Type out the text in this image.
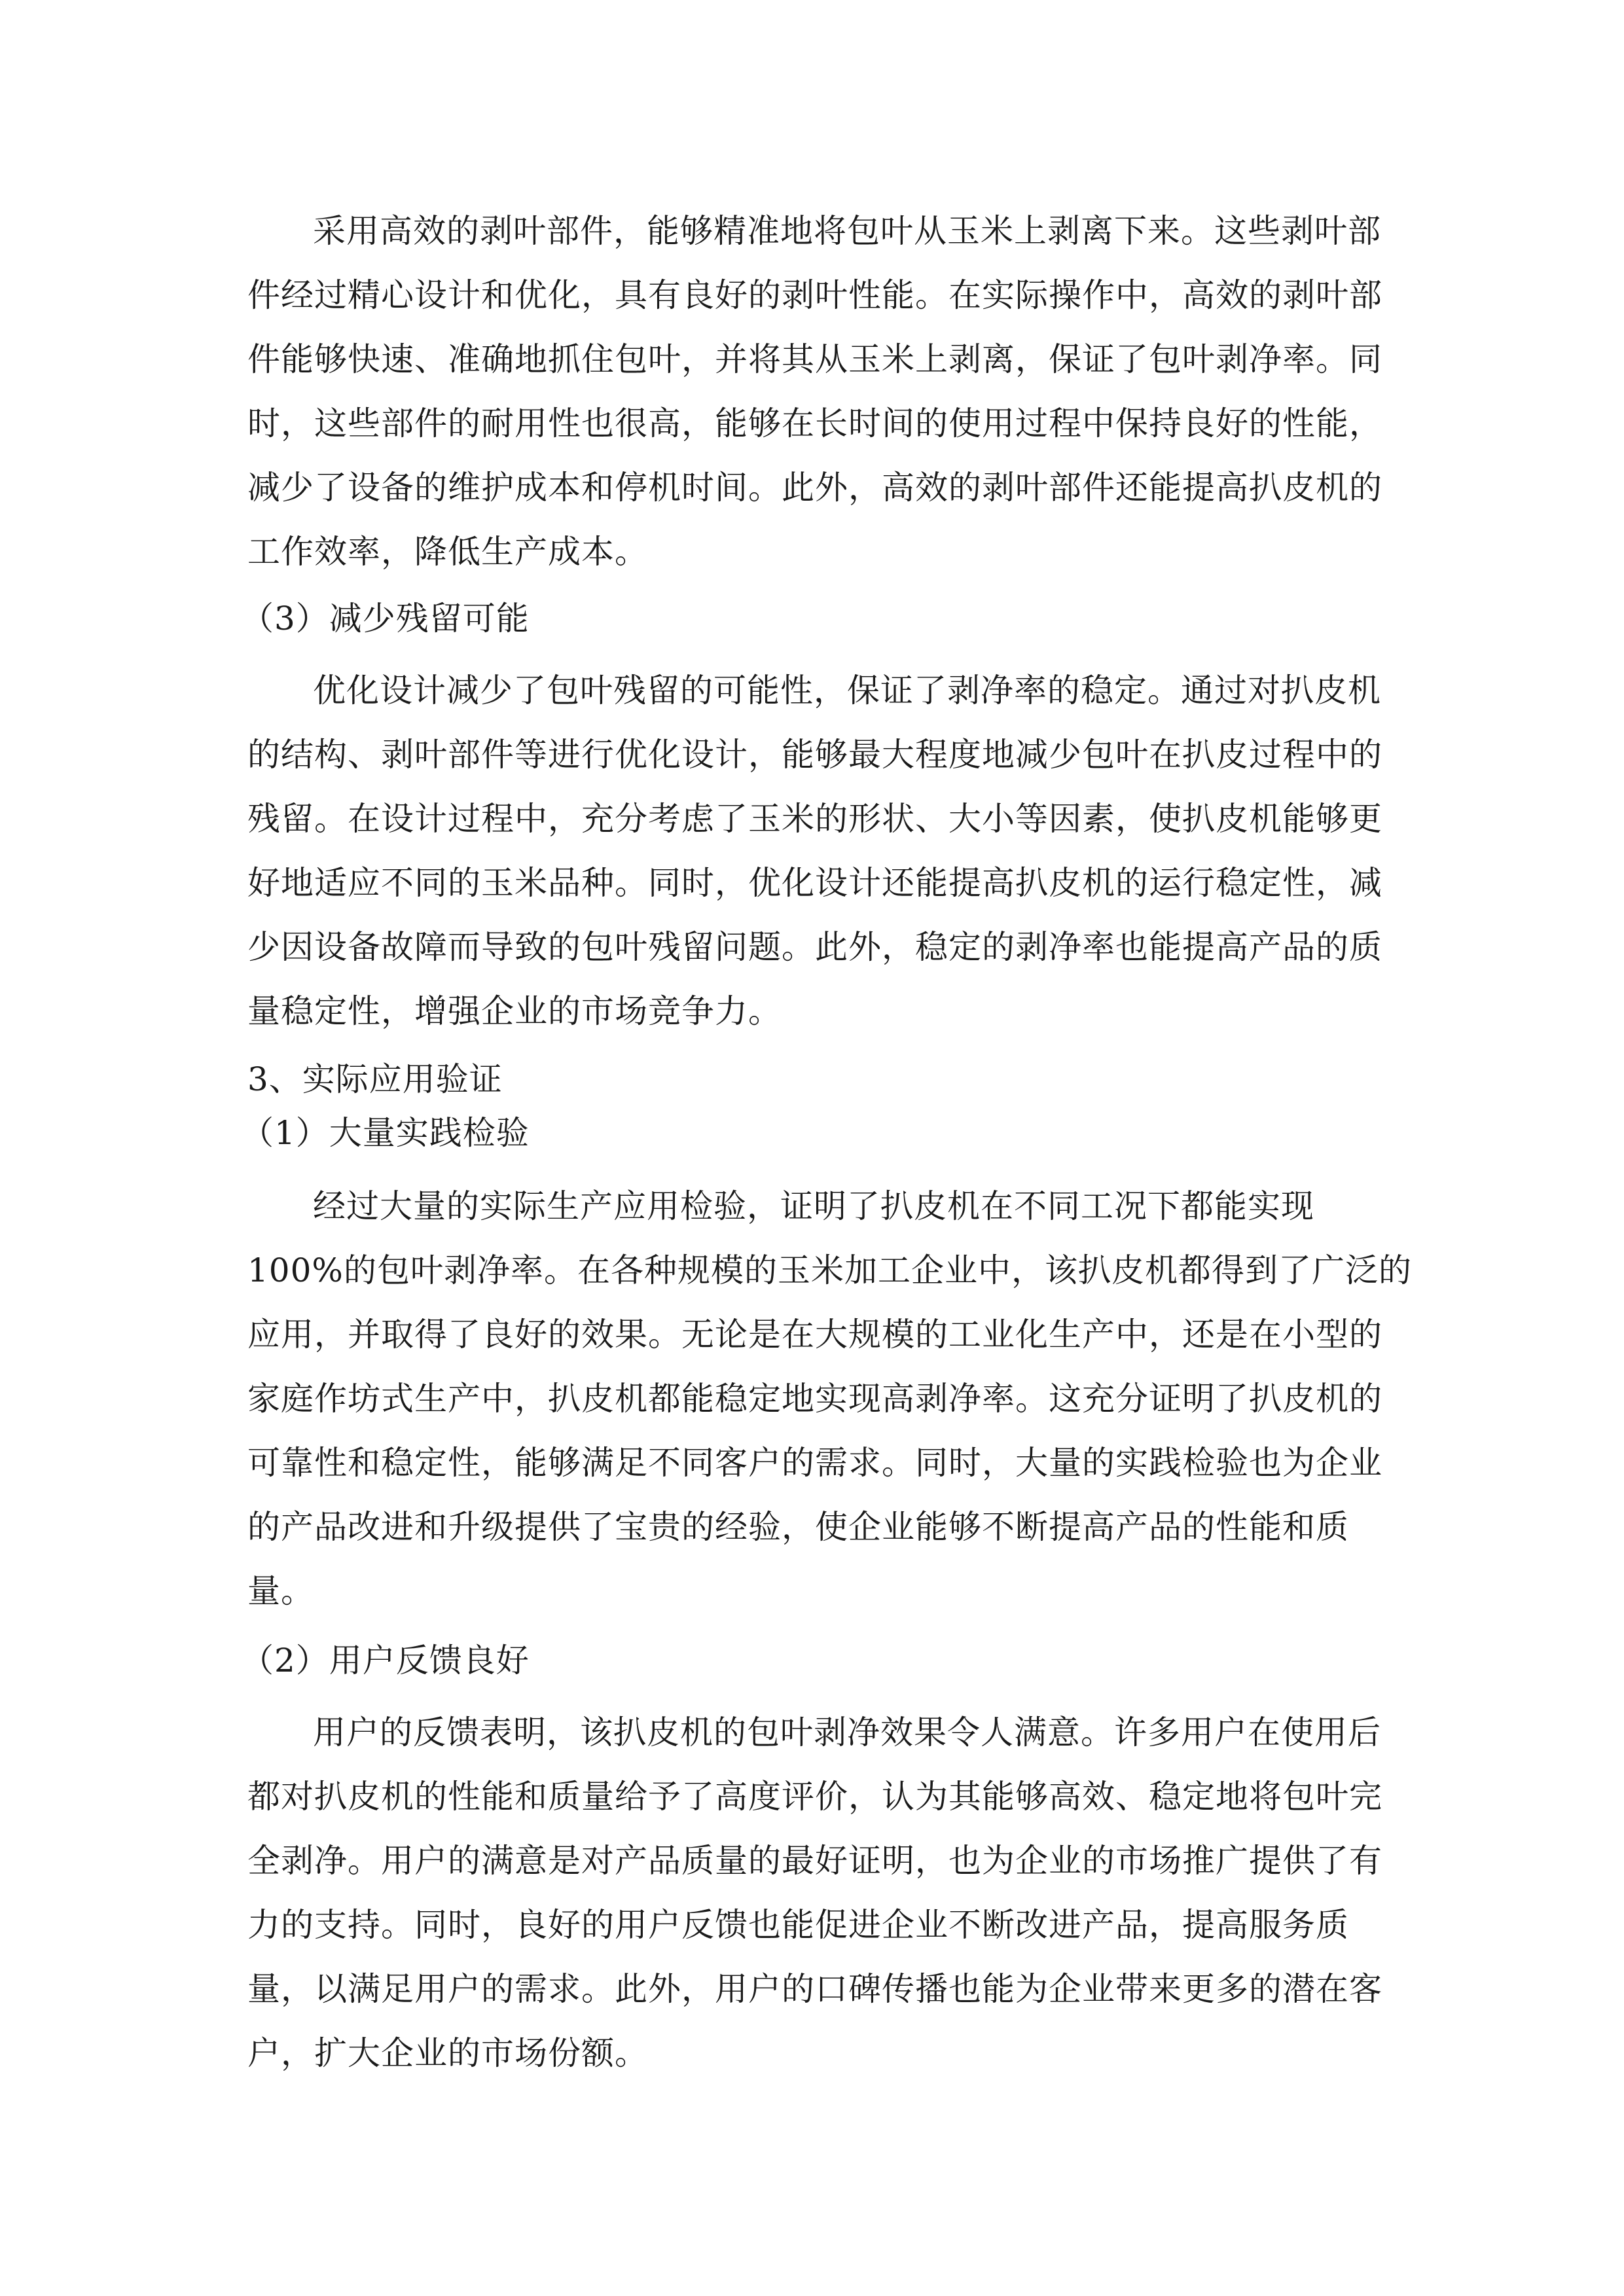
采用高效的剥叶部件，能够精准地将包叶从玉米上剥离下来。这些剥叶部
件经过精心设计和优化，具有良好的剥叶性能。在实际操作中，高效的剥叶部
件能够快速、准确地抓住包叶，并将其从玉米上剥离，保证了包叶剥净率。同
时，这些部件的耐用性也很高，能够在长时间的使用过程中保持良好的性能，
减少了设备的维护成本和停机时间。此外，高效的剥叶部件还能提高扒皮机的
工作效率，降低生产成本。
（3）减少残留可能
优化设计减少了包叶残留的可能性，保证了剥净率的稳定。通过对扒皮机
的结构、剥叶部件等进行优化设计，能够最大程度地减少包叶在扒皮过程中的
残留。在设计过程中，充分考虑了玉米的形状、大小等因素，使扒皮机能够更
好地适应不同的玉米品种。同时，优化设计还能提高扒皮机的运行稳定性，减
少因设备故障而导致的包叶残留问题。此外，稳定的剥净率也能提高产品的质
量稳定性，增强企业的市场竞争力。
3、实际应用验证
（1）大量实践检验
经过大量的实际生产应用检验，证明了扒皮机在不同工况下都能实现
100%的包叶剥净率。在各种规模的玉米加工企业中，该扒皮机都得到了广泛的
应用，并取得了良好的效果。无论是在大规模的工业化生产中，还是在小型的
家庭作坊式生产中，扒皮机都能稳定地实现高剥净率。这充分证明了扒皮机的
可靠性和稳定性，能够满足不同客户的需求。同时，大量的实践检验也为企业
的产品改进和升级提供了宝贵的经验，使企业能够不断提高产品的性能和质
量。
（2）用户反馈良好
用户的反馈表明，该扒皮机的包叶剥净效果令人满意。许多用户在使用后
都对扒皮机的性能和质量给予了高度评价，认为其能够高效、稳定地将包叶完
全剥净。用户的满意是对产品质量的最好证明，也为企业的市场推广提供了有
力的支持。同时，良好的用户反馈也能促进企业不断改进产品，提高服务质
量，以满足用户的需求。此外，用户的口碑传播也能为企业带来更多的潜在客
户，扩大企业的市场份额。
